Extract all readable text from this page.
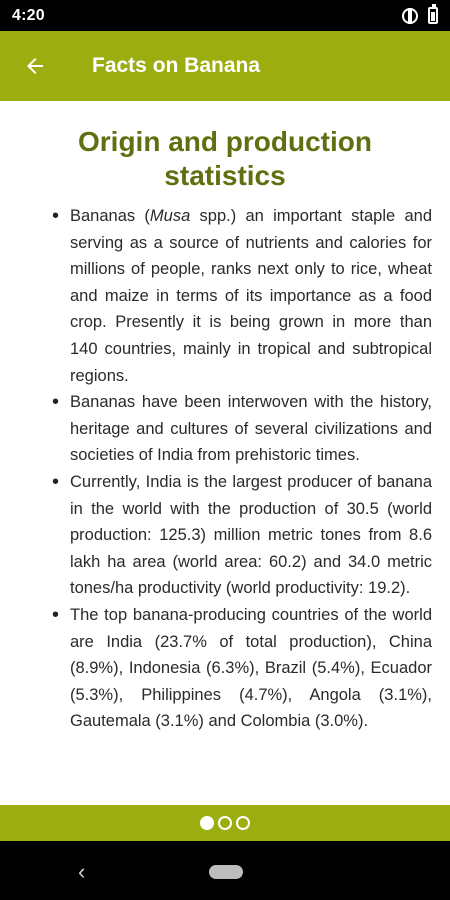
4:20
Facts on Banana
Origin and production statistics
• Bananas (Musa spp.) an important staple and serving as a source of nutrients and calories for millions of people, ranks next only to rice, wheat and maize in terms of its importance as a food crop. Presently it is being grown in more than 140 countries, mainly in tropical and subtropical regions.
• Bananas have been interwoven with the history, heritage and cultures of several civilizations and societies of India from prehistoric times.
• Currently, India is the largest producer of banana in the world with the production of 30.5 (world production: 125.3) million metric tones from 8.6 lakh ha area (world area: 60.2) and 34.0 metric tones/ha productivity (world productivity: 19.2).
• The top banana-producing countries of the world are India (23.7% of total production), China (8.9%), Indonesia (6.3%), Brazil (5.4%), Ecuador (5.3%), Philippines (4.7%), Angola (3.1%), Gautemala (3.1%) and Colombia (3.0%).
‹
